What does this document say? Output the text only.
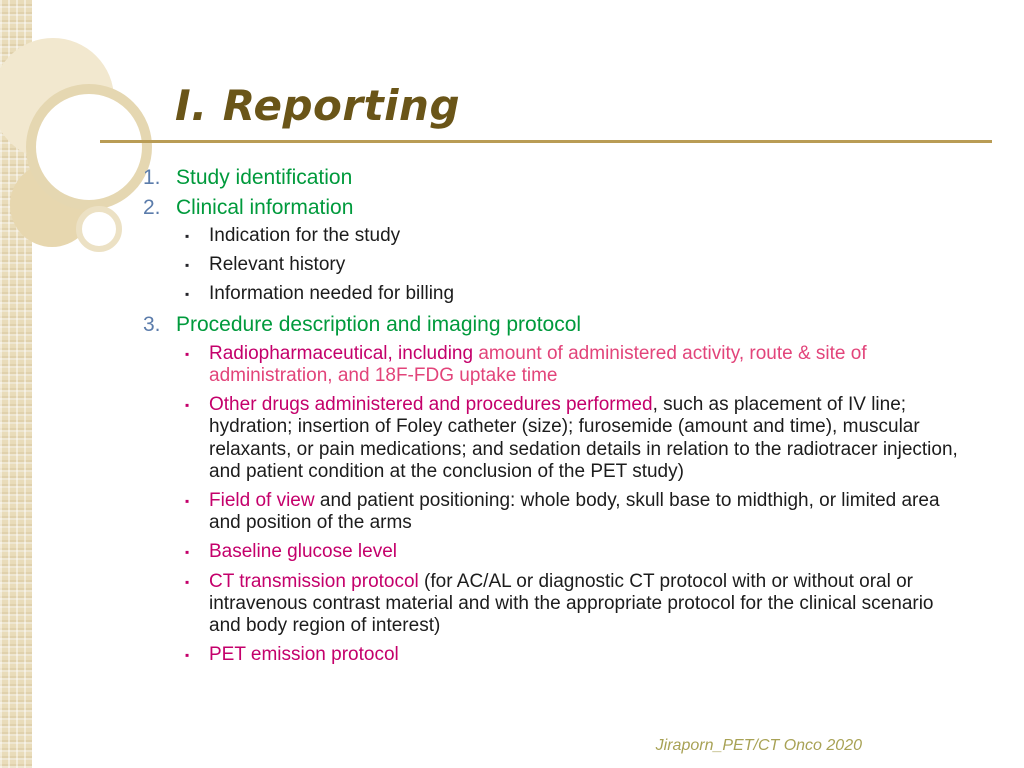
I. Reporting
1. Study identification
2. Clinical information
▪	Indication for the study
▪	Relevant history
▪	Information needed for billing
3. Procedure description and imaging protocol
▪	Radiopharmaceutical, including amount of administered activity, route & site of administration, and 18F-FDG uptake time
▪	Other drugs administered and procedures performed, such as placement of IV line; hydration; insertion of Foley catheter (size); furosemide (amount and time), muscular relaxants, or pain medications; and sedation details in relation to the radiotracer injection, and patient condition at the conclusion of the PET study)
▪	Field of view and patient positioning: whole body, skull base to midthigh, or limited area and position of the arms
▪	Baseline glucose level
▪	CT transmission protocol (for AC/AL or diagnostic CT protocol with or without oral or intravenous contrast material and with the appropriate protocol for the clinical scenario and body region of interest)
▪	PET emission protocol
Jiraporn_PET/CT Onco 2020
